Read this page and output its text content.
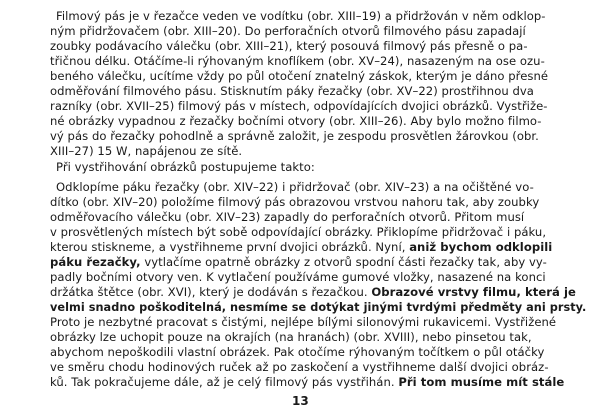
Filmový pás je v řezačce veden ve vodítku (obr. XIII–19) a přidržován v něm odklop-
ným přidržovačem (obr. XIII–20). Do perforačních otvorů filmového pásu zapadají
zoubky podávacího válečku (obr. XIII–21), který posouvá filmový pás přesně o pa-
třičnou délku. Otáčíme-li rýhovaným knoflíkem (obr. XV–24), nasazeným na ose ozu-
beného válečku, ucítíme vždy po půl otočení znatelný záskok, kterým je dáno přesné
odměřování filmového pásu. Stisknutím páky řezačky (obr. XV–22) prostřihnou dva
razníky (obr. XVII–25) filmový pás v místech, odpovídajících dvojici obrázků. Vystřiže-
né obrázky vypadnou z řezačky bočními otvory (obr. XIII–26). Aby bylo možno filmo-
vý pás do řezačky pohodlně a správně založit, je zespodu prosvětlen žárovkou (obr.
XIII–27) 15 W, napájenou ze sítě.
Při vystřihování obrázků postupujeme takto:
Odklopíme páku řezačky (obr. XIV–22) i přidržovač (obr. XIV–23) a na očištěné vo-
dítko (obr. XIV–20) položíme filmový pás obrazovou vrstvou nahoru tak, aby zoubky
odměřovacího válečku (obr. XIV–23) zapadly do perforačních otvorů. Přitom musí
v prosvětlených místech být sobě odpovídající obrázky. Přiklopíme přidržovač i páku,
kterou stiskneme, a vystřihneme první dvojici obrázků. Nyní, aniž bychom odklopili
páku řezačky, vytlačíme opatrně obrázky z otvorů spodní části řezačky tak, aby vy-
padly bočními otvory ven. K vytlačení používáme gumové vložky, nasazené na konci
držátka štětce (obr. XVI), který je dodáván s řezačkou. Obrazové vrstvy filmu, která je
velmi snadno poškoditelná, nesmíme se dotýkat jinými tvrdými předměty ani prsty.
Proto je nezbytné pracovat s čistými, nejlépe bílými silonovými rukavicemi. Vystřižené
obrázky lze uchopit pouze na okrajích (na hranách) (obr. XVIII), nebo pinsetou tak,
abychom nepoškodili vlastní obrázek. Pak otočíme rýhovaným točítkem o půl otáčky
ve směru chodu hodinových ruček až po zaskočení a vystřihneme další dvojici obráz-
ků. Tak pokračujeme dále, až je celý filmový pás vystřihán. Při tom musíme mít stále
13
